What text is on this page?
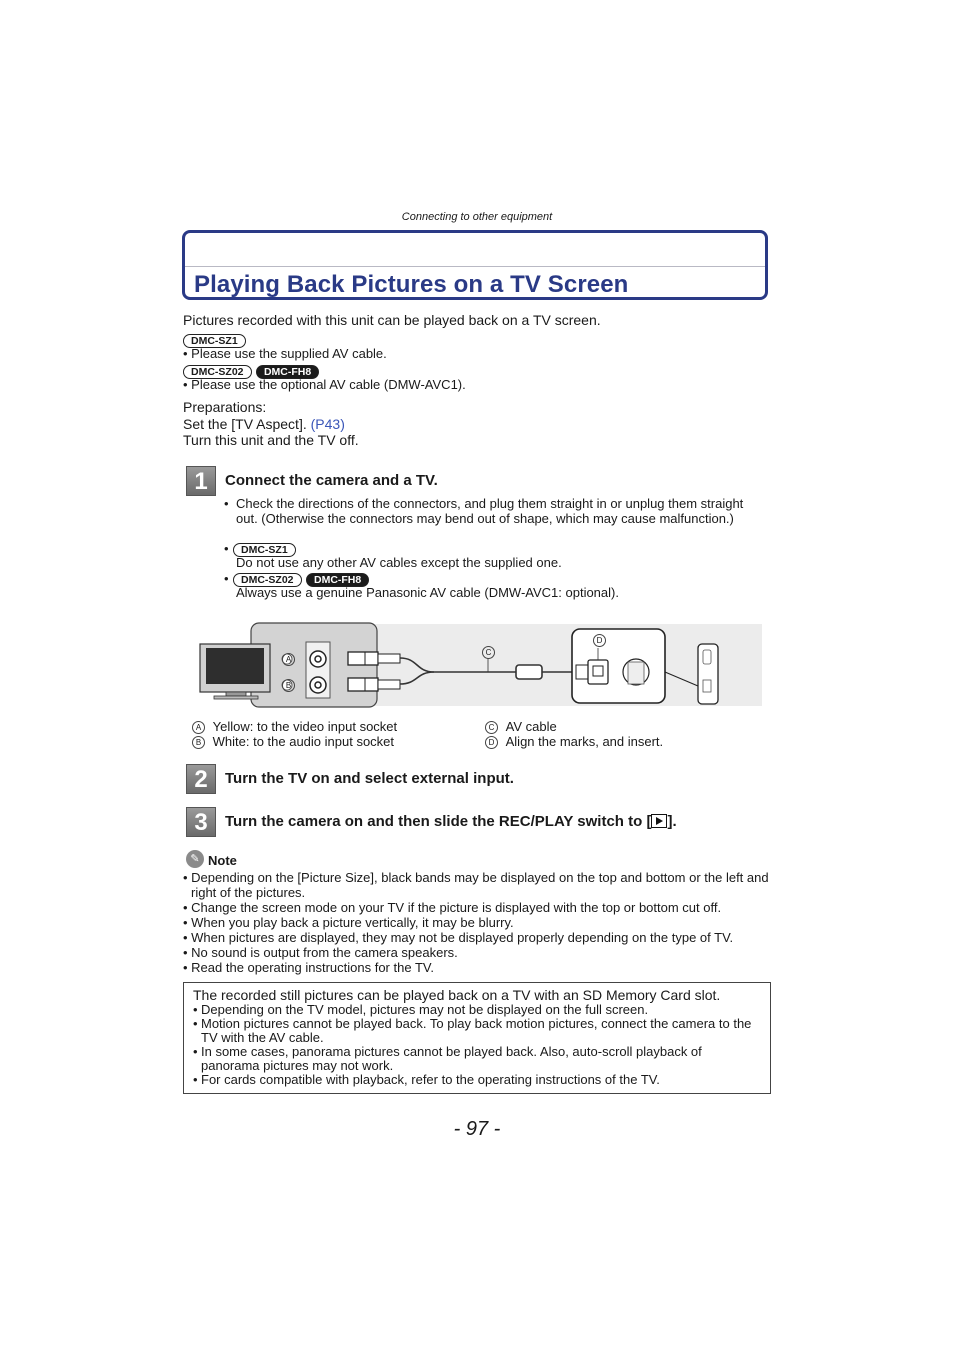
Connecting to other equipment
Playing Back Pictures on a TV Screen
Pictures recorded with this unit can be played back on a TV screen.
DMC-SZ1
• Please use the supplied AV cable.
DMC-SZ02 DMC-FH8
• Please use the optional AV cable (DMW-AVC1).
Preparations:
Set the [TV Aspect]. (P43)
Turn this unit and the TV off.
1	Connect the camera and a TV.
• Check the directions of the connectors, and plug them straight in or unplug them straight out. (Otherwise the connectors may bend out of shape, which may cause malfunction.)
• DMC-SZ1
Do not use any other AV cables except the supplied one.
• DMC-SZ02 DMC-FH8
Always use a genuine Panasonic AV cable (DMW-AVC1: optional).
A
B
C
D
A Yellow: to the video input socket
B White: to the audio input socket
C AV cable
D Align the marks, and insert.
2	Turn the TV on and select external input.
3	Turn the camera on and then slide the REC/PLAY switch to [ ].
✎ Note
• Depending on the [Picture Size], black bands may be displayed on the top and bottom or the left and right of the pictures.
• Change the screen mode on your TV if the picture is displayed with the top or bottom cut off.
• When you play back a picture vertically, it may be blurry.
• When pictures are displayed, they may not be displayed properly depending on the type of TV.
• No sound is output from the camera speakers.
• Read the operating instructions for the TV.
The recorded still pictures can be played back on a TV with an SD Memory Card slot.
• Depending on the TV model, pictures may not be displayed on the full screen.
• Motion pictures cannot be played back. To play back motion pictures, connect the camera to the TV with the AV cable.
• In some cases, panorama pictures cannot be played back. Also, auto-scroll playback of panorama pictures may not work.
• For cards compatible with playback, refer to the operating instructions of the TV.
- 97 -
